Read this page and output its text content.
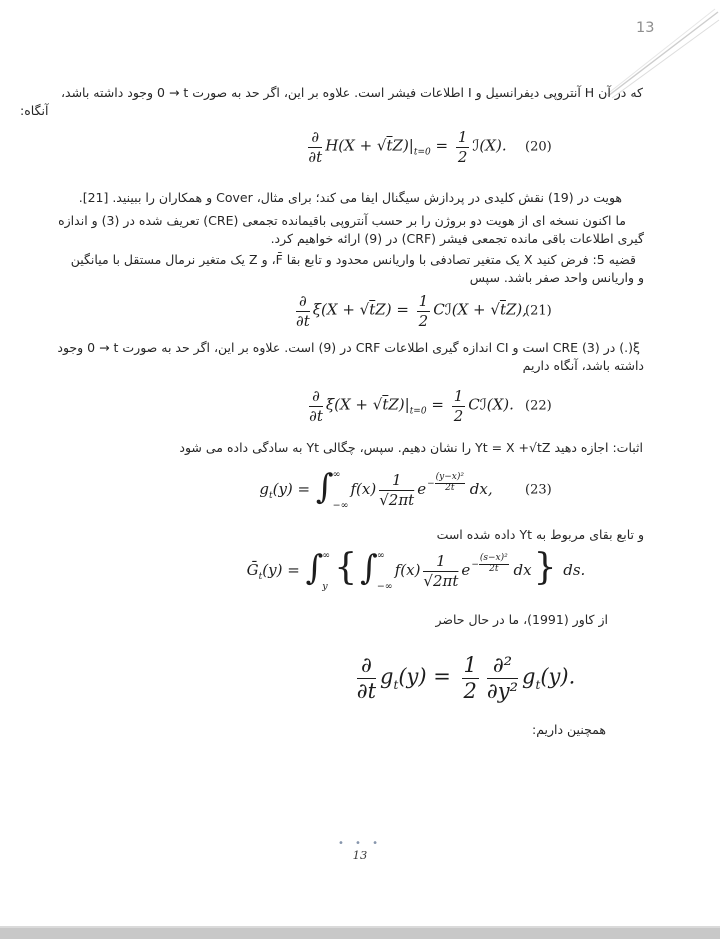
13
که در آن H آنتروپی دیفرانسیل و I اطلاعات فیشر است. علاوه بر این، اگر حد به صورت ‭0 → t‬ وجود داشته باشد،
آنگاه:
$\frac{\partial}{\partial t} H(X + √tZ)|_{t=0} = \frac{1}{2}$ ℐ(X). (20)
هویت در (19) نقش کلیدی در پردازش سیگنال ایفا می کند؛ برای مثال، Cover و همکاران را ببینید. [21].
ما اکنون نسخه ای از هویت دو بروژن را بر حسب آنتروپی باقیمانده تجمعی (CRE) تعریف شده در (3) و اندازه
گیری اطلاعات باقی مانده تجمعی فیشر (CRF) در (9) ارائه خواهیم کرد.
قضیه 5: فرض کنید X یک متغیر تصادفی با واریانس محدود و تابع بقا F̄، و Z یک متغیر نرمال مستقل با میانگین
و واریانس واحد صفر باشد. سپس
$\frac{\partial}{\partial t} \xi(X + √tZ) = \frac{1}{2}$ Cℐ(X + √tZ),
(21)
ξ(.) در CRE (3) است و CI اندازه گیری اطلاعات CRF در (9) است. علاوه بر این، اگر حد به صورت ‭0 → t‬ وجود
داشته باشد، آنگاه داریم
$\frac{\partial}{\partial t} \xi(X + √tZ)|_{t=0} = \frac{1}{2}$ Cℐ(X). (22)
اثبات: اجازه دهید Yt = X +√tZ را نشان دهیم. سپس، چگالی Yt به سادگی داده می شود
$g_t(y)$ = ∫ ∞
−∞
$f(x) \frac{1}{√2\pi t} e- \frac{\text{(y−x)²}}{2t}$ dx, (23)
و تابع بقای مربوط به Yt داده شده است
Ḡ$_t$(y) = ∫ ∞
y {∫ ∞
−∞
$f(x) \frac{1}{√2\pi t} e- \frac{\text{(s−x)²}}{2t} dx$} ds.
از کاور (1991)، ما در حال حاضر
$\frac{\partial}{\partial t} g_t(y) = \frac{1}{2} \frac{\text{∂²}}{\text{∂y²}} g_t(y)$.
همچنین داریم:
• • •
13
